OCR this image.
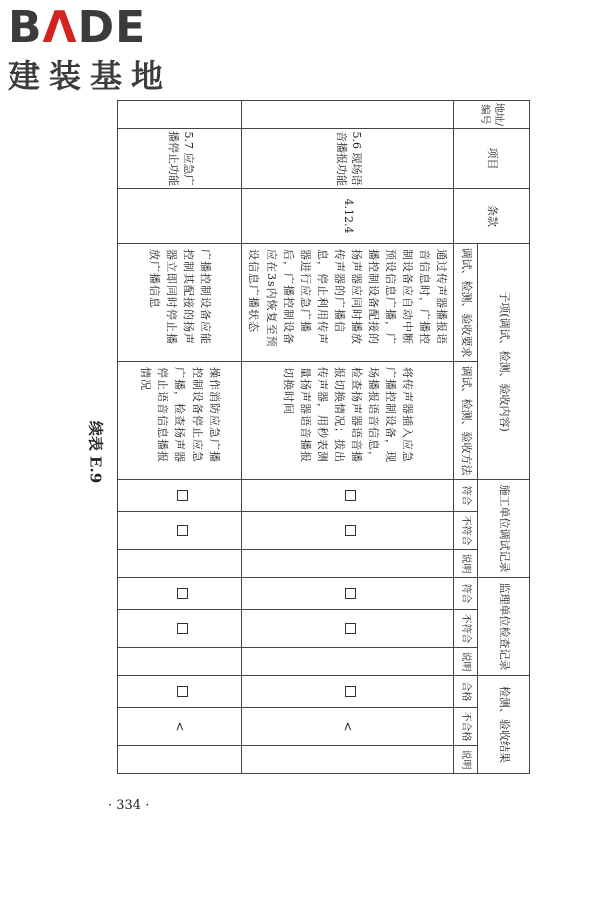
BΛDE
建装基地
续表 E.9
· 334 ·
地址/编号	项目	条款	子项(调试、检测、验收内容)		施工单位调试记录			监理单位检查记录			检测、验收结果		
			调试、检测、验收要求	调试、检测、验收方法	符合	不符合	说明	符合	不符合	说明	合格	不合格	说明
	5.6 现场语音播报功能	4.12.4	通过传声器播报语音信息时，广播控制设备应自动中断预设信息广播，广播控制设备配接的扬声器应同时播放传声器的广播信息，停止利用传声器进行应急广播后，广播控制设备应在3s内恢复至预设信息广播状态	将传声器插入应急广播控制设备，现场播报语音信息，检查扬声器语音播报切换情况；拔出传声器，用秒表测量扬声器语音播报切换时间								<	
	5.7 应急广播停止功能		广播控制设备应能控制其配接的扬声器立即同时停止播放广播信息	操作消防应急广播控制设备停止应急广播，检查扬声器停止语音信息播报情况								<	
